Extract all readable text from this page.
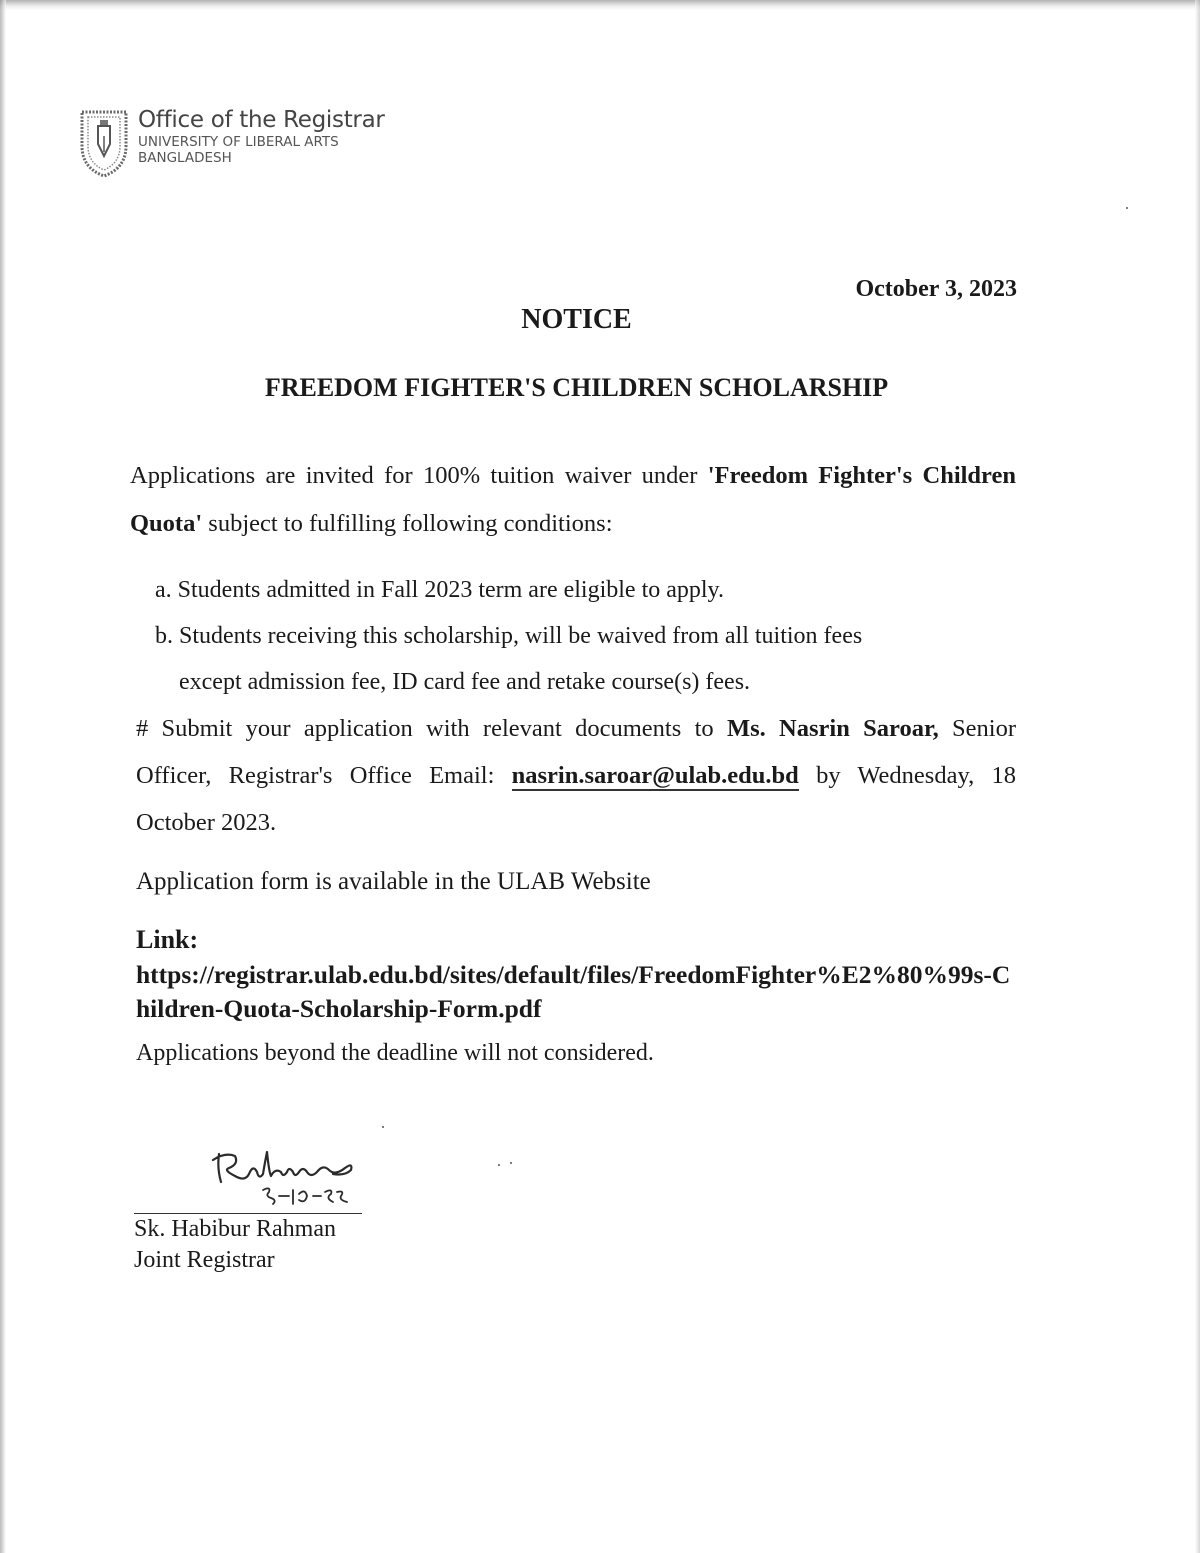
Office of the Registrar
UNIVERSITY OF LIBERAL ARTS
BANGLADESH
October 3, 2023
NOTICE
FREEDOM FIGHTER'S CHILDREN SCHOLARSHIP
Applications are invited for 100% tuition waiver under 'Freedom Fighter's Children Quota' subject to fulfilling following conditions:
a. Students admitted in Fall 2023 term are eligible to apply.
b. Students receiving this scholarship, will be waived from all tuition fees
except admission fee, ID card fee and retake course(s) fees.
# Submit your application with relevant documents to Ms. Nasrin Saroar, Senior Officer, Registrar's Office Email: nasrin.saroar@ulab.edu.bd by Wednesday, 18 October 2023.
Application form is available in the ULAB Website
Link:
https://registrar.ulab.edu.bd/sites/default/files/FreedomFighter%E2%80%99s-Children-Quota-Scholarship-Form.pdf
Applications beyond the deadline will not considered.
Sk. Habibur Rahman
Joint Registrar
